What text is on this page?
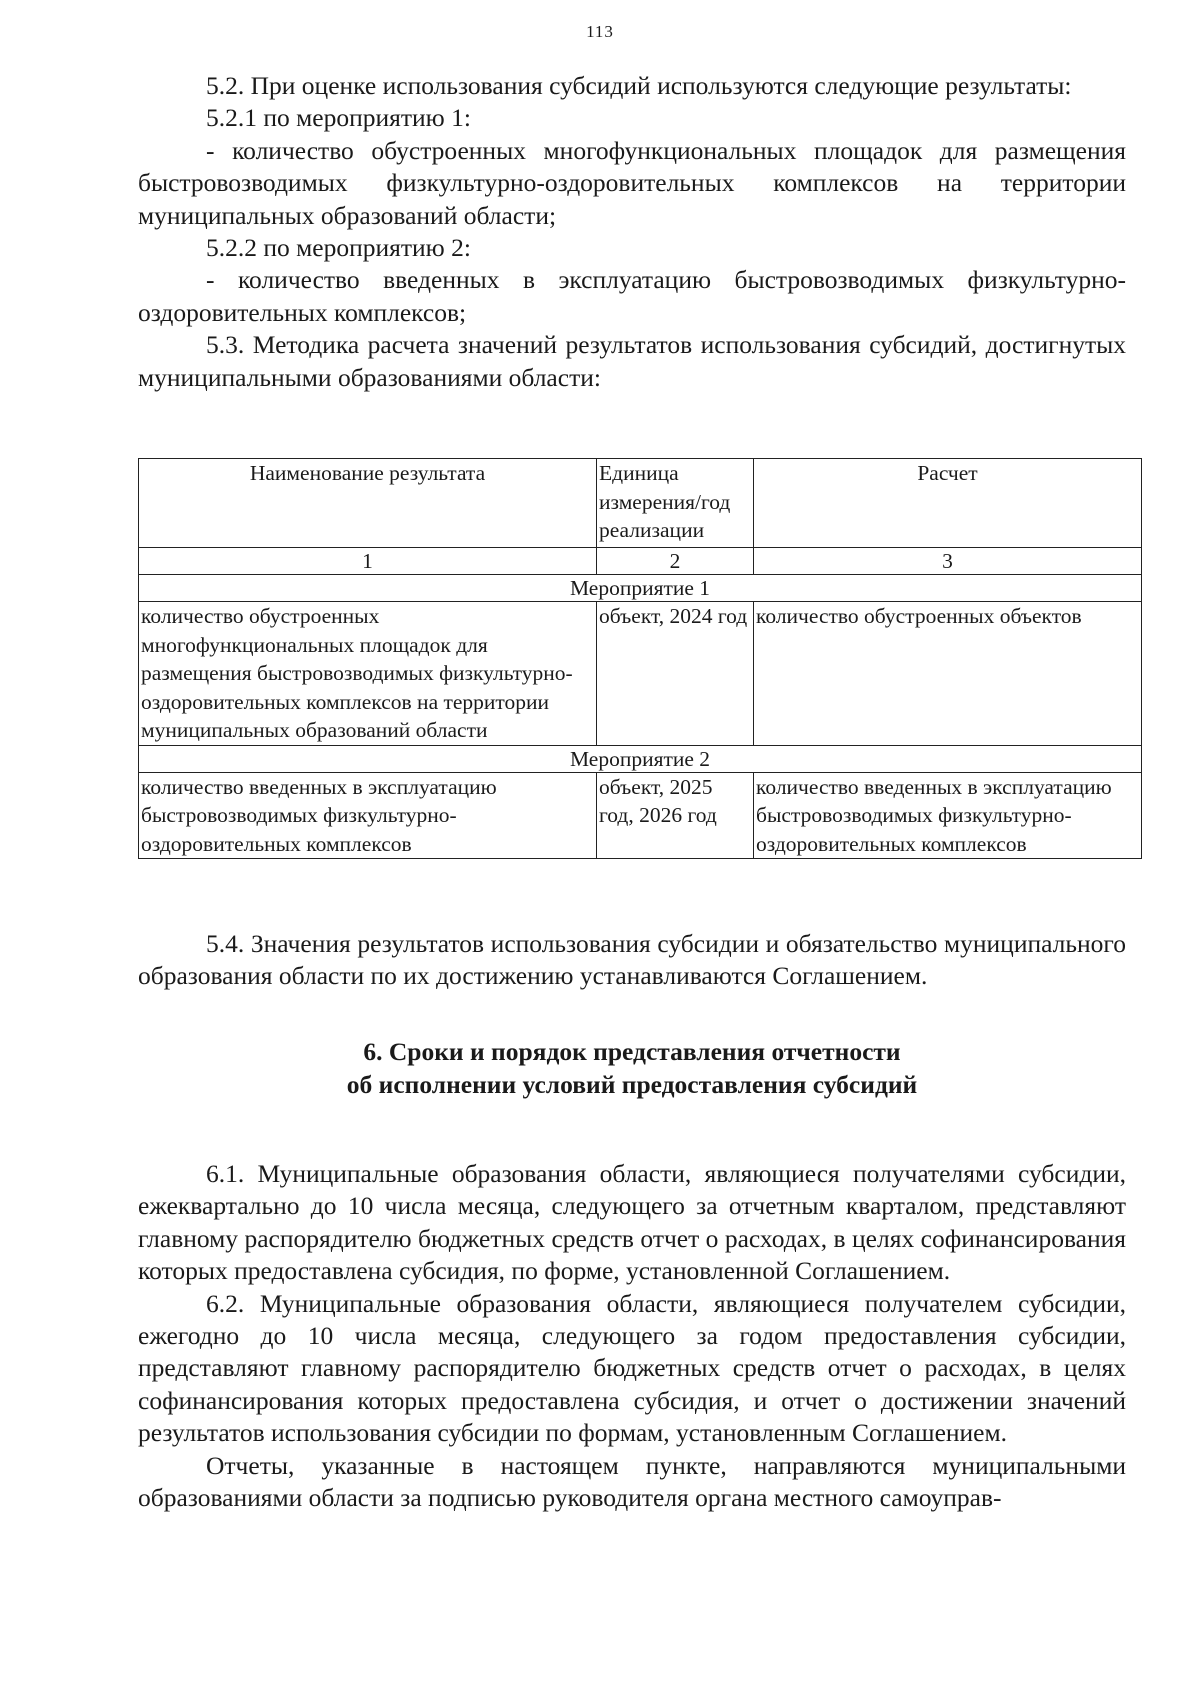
113

5.2. При оценке использования субсидий используются следующие результаты:

5.2.1 по мероприятию 1:

- количество обустроенных многофункциональных площадок для размещения быстровозводимых физкультурно-оздоровительных комплексов на территории муниципальных образований области;

5.2.2 по мероприятию 2:

- количество введенных в эксплуатацию быстровозводимых физкультурно-оздоровительных комплексов;

5.3. Методика расчета значений результатов использования субсидий, достигнутых муниципальными образованиями области:

Наименование результата	Единица измерения/год реализации	Расчет
1	2	3
Мероприятие 1		
количество обустроенных многофункциональных площадок для размещения быстровозводимых физкультурно-оздоровительных комплексов на территории муниципальных образований области	объект, 2024 год	количество обустроенных объектов
Мероприятие 2		
количество введенных в эксплуатацию быстровозводимых физкультурно-оздоровительных комплексов	объект, 2025 год, 2026 год	количество введенных в эксплуатацию быстровозводимых физкультурно-оздоровительных комплексов

5.4. Значения результатов использования субсидии и обязательство муниципального образования области по их достижению устанавливаются Соглашением.

6. Сроки и порядок представления отчетности

об исполнении условий предоставления субсидий

6.1. Муниципальные образования области, являющиеся получателями субсидии, ежеквартально до 10 числа месяца, следующего за отчетным кварталом, представляют главному распорядителю бюджетных средств отчет о расходах, в целях софинансирования которых предоставлена субсидия, по форме, установленной Соглашением.

6.2. Муниципальные образования области, являющиеся получателем субсидии, ежегодно до 10 числа месяца, следующего за годом предоставления субсидии, представляют главному распорядителю бюджетных средств отчет о расходах, в целях софинансирования которых предоставлена субсидия, и отчет о достижении значений результатов использования субсидии по формам, установленным Соглашением.

Отчеты, указанные в настоящем пункте, направляются муниципальными образованиями области за подписью руководителя органа местного самоуправ-
